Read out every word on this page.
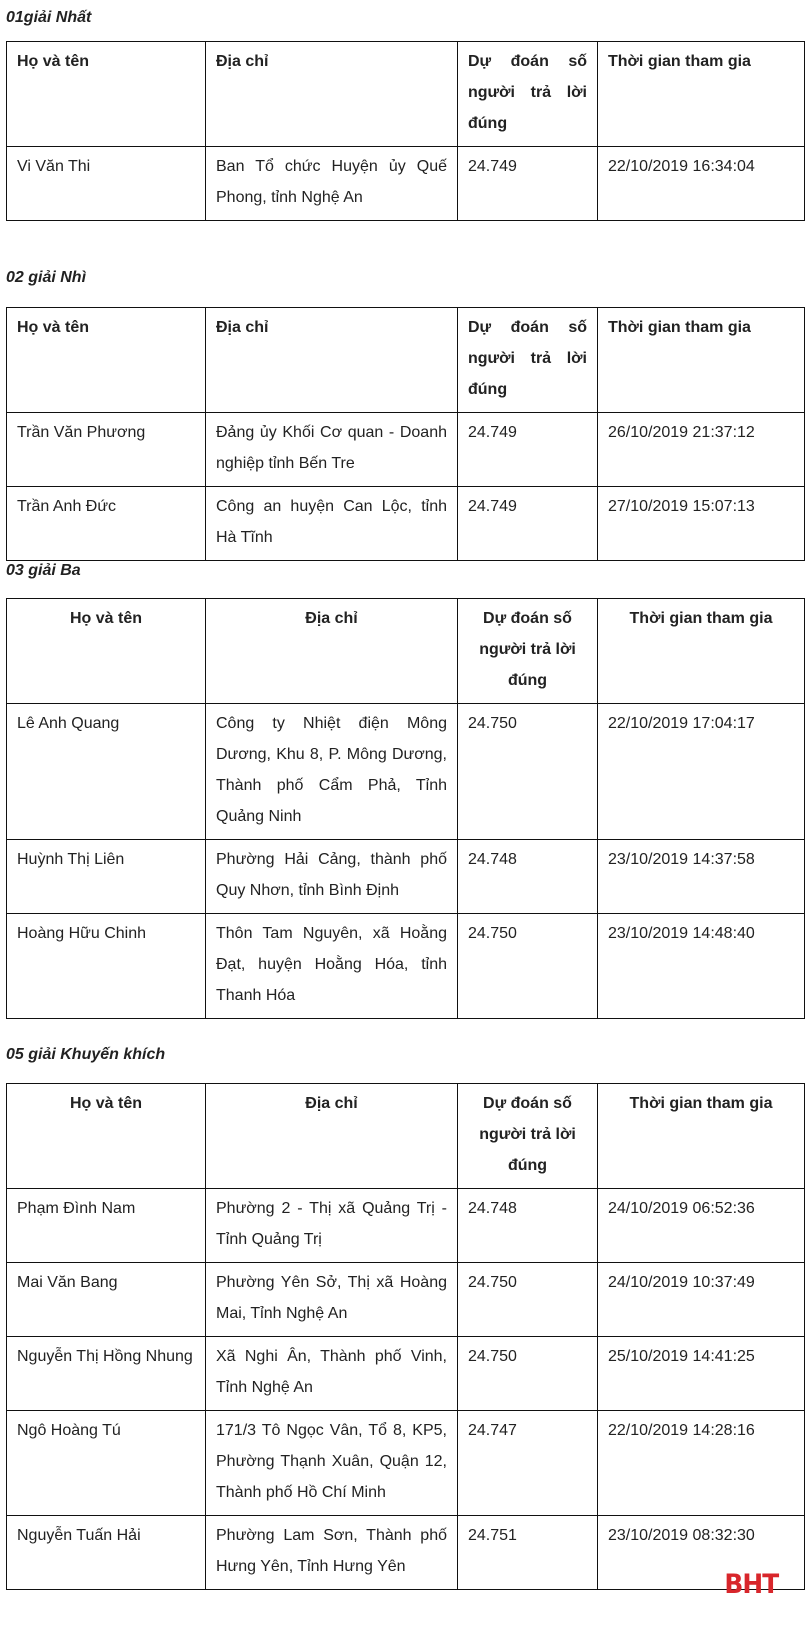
01giải Nhất

Họ và tên	Địa chỉ	Dự đoán số người trả lời đúng	Thời gian tham gia
Vi Văn Thi	Ban Tổ chức Huyện ủy Quế Phong, tỉnh Nghệ An	24.749	22/10/2019 16:34:04

02 giải Nhì

Họ và tên	Địa chỉ	Dự đoán số người trả lời đúng	Thời gian tham gia
Trần Văn Phương	Đảng ủy Khối Cơ quan - Doanh nghiệp tỉnh Bến Tre	24.749	26/10/2019 21:37:12
Trần Anh Đức	Công an huyện Can Lộc, tỉnh Hà Tĩnh	24.749	27/10/2019 15:07:13

03 giải Ba

Họ và tên	Địa chỉ	Dự đoán số người trả lời đúng	Thời gian tham gia
Lê Anh Quang	Công ty Nhiệt điện Mông Dương, Khu 8, P. Mông Dương, Thành phố Cẩm Phả, Tỉnh Quảng Ninh	24.750	22/10/2019 17:04:17
Huỳnh Thị Liên	Phường Hải Cảng, thành phố Quy Nhơn, tỉnh Bình Định	24.748	23/10/2019 14:37:58
Hoàng Hữu Chinh	Thôn Tam Nguyên, xã Hoằng Đạt, huyện Hoằng Hóa, tỉnh Thanh Hóa	24.750	23/10/2019 14:48:40

05 giải Khuyến khích

Họ và tên	Địa chỉ	Dự đoán số người trả lời đúng	Thời gian tham gia
Phạm Đình Nam	Phường 2 - Thị xã Quảng Trị - Tỉnh Quảng Trị	24.748	24/10/2019 06:52:36
Mai Văn Bang	Phường Yên Sở, Thị xã Hoàng Mai, Tỉnh Nghệ An	24.750	24/10/2019 10:37:49
Nguyễn Thị Hồng Nhung	Xã Nghi Ân, Thành phố Vinh, Tỉnh Nghệ An	24.750	25/10/2019 14:41:25
Ngô Hoàng Tú	171/3 Tô Ngọc Vân, Tổ 8, KP5, Phường Thạnh Xuân, Quận 12, Thành phố Hồ Chí Minh	24.747	22/10/2019 14:28:16
Nguyễn Tuấn Hải	Phường Lam Sơn, Thành phố Hưng Yên, Tỉnh Hưng Yên	24.751	23/10/2019 08:32:30
BHT
